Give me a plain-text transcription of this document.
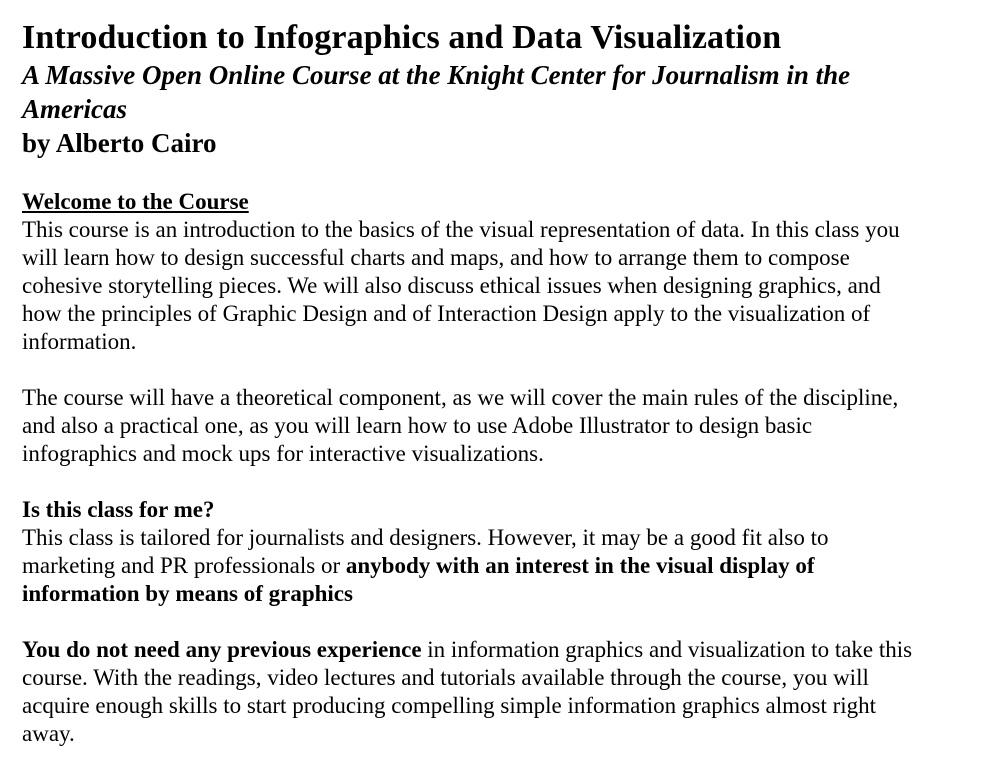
Introduction to Infographics and Data Visualization
A Massive Open Online Course at the Knight Center for Journalism in the
Americas
by Alberto Cairo
Welcome to the Course
This course is an introduction to the basics of the visual representation of data. In this class you
will learn how to design successful charts and maps, and how to arrange them to compose
cohesive storytelling pieces. We will also discuss ethical issues when designing graphics, and
how the principles of Graphic Design and of Interaction Design apply to the visualization of
information.
The course will have a theoretical component, as we will cover the main rules of the discipline,
and also a practical one, as you will learn how to use Adobe Illustrator to design basic
infographics and mock ups for interactive visualizations.
Is this class for me?
This class is tailored for journalists and designers. However, it may be a good fit also to
marketing and PR professionals or anybody with an interest in the visual display of
information by means of graphics
You do not need any previous experience in information graphics and visualization to take this
course. With the readings, video lectures and tutorials available through the course, you will
acquire enough skills to start producing compelling simple information graphics almost right
away.
